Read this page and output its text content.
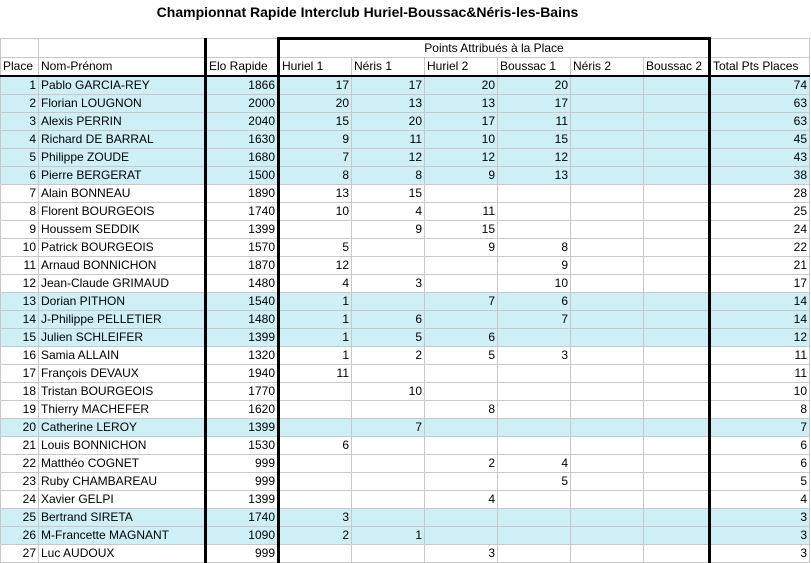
Championnat Rapide Interclub Huriel-Boussac&Néris-les-Bains
			Points Attribués à la Place						
Place	Nom-Prénom	Elo Rapide	Huriel 1	Néris 1	Huriel 2	Boussac 1	Néris 2	Boussac 2	Total Pts Places
1	Pablo GARCIA-REY	1866	17	17	20	20			74
2	Florian LOUGNON	2000	20	13	13	17			63
3	Alexis PERRIN	2040	15	20	17	11			63
4	Richard DE BARRAL	1630	9	11	10	15			45
5	Philippe ZOUDE	1680	7	12	12	12			43
6	Pierre BERGERAT	1500	8	8	9	13			38
7	Alain BONNEAU	1890	13	15					28
8	Florent BOURGEOIS	1740	10	4	11				25
9	Houssem SEDDIK	1399		9	15				24
10	Patrick BOURGEOIS	1570	5		9	8			22
11	Arnaud BONNICHON	1870	12			9			21
12	Jean-Claude GRIMAUD	1480	4	3		10			17
13	Dorian PITHON	1540	1		7	6			14
14	J-Philippe PELLETIER	1480	1	6		7			14
15	Julien SCHLEIFER	1399	1	5	6				12
16	Samia ALLAIN	1320	1	2	5	3			11
17	François DEVAUX	1940	11						11
18	Tristan BOURGEOIS	1770		10					10
19	Thierry MACHEFER	1620			8				8
20	Catherine LEROY	1399		7					7
21	Louis BONNICHON	1530	6						6
22	Matthéo COGNET	999			2	4			6
23	Ruby CHAMBAREAU	999				5			5
24	Xavier GELPI	1399			4				4
25	Bertrand SIRETA	1740	3						3
26	M-Francette MAGNANT	1090	2	1					3
27	Luc AUDOUX	999			3				3
